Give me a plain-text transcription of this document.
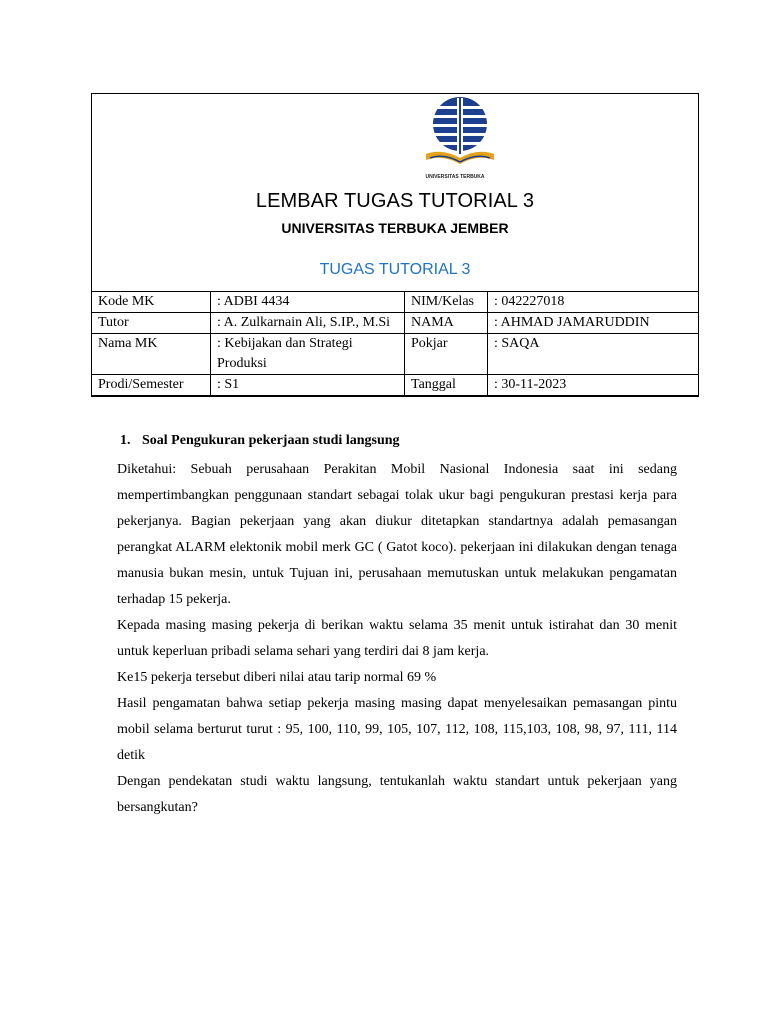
UNIVERSITAS TERBUKA
LEMBAR TUGAS TUTORIAL 3
UNIVERSITAS TERBUKA JEMBER
TUGAS TUTORIAL 3
Kode MK	: ADBI 4434	NIM/Kelas	: 042227018
Tutor	: A. Zulkarnain Ali, S.IP., M.Si	NAMA	: AHMAD JAMARUDDIN
Nama MK	: Kebijakan dan Strategi Produksi	Pokjar	: SAQA
Prodi/Semester	: S1	Tanggal	: 30-11-2023

1. Soal Pengukuran pekerjaan studi langsung

Diketahui: Sebuah perusahaan Perakitan Mobil Nasional Indonesia saat ini sedang mempertimbangkan penggunaan standart sebagai tolak ukur bagi pengukuran prestasi kerja para pekerjanya. Bagian pekerjaan yang akan diukur ditetapkan standartnya adalah pemasangan perangkat ALARM elektonik mobil merk GC ( Gatot koco). pekerjaan ini dilakukan dengan tenaga manusia bukan mesin, untuk Tujuan ini, perusahaan memutuskan untuk melakukan pengamatan terhadap 15 pekerja.

Kepada masing masing pekerja di berikan waktu selama 35 menit untuk istirahat dan 30 menit untuk keperluan pribadi selama sehari yang terdiri dai 8 jam kerja.

Ke15 pekerja tersebut diberi nilai atau tarip normal 69 %

Hasil pengamatan bahwa setiap pekerja masing masing dapat menyelesaikan pemasangan pintu mobil selama berturut turut : 95, 100, 110, 99, 105, 107, 112, 108, 115,103, 108, 98, 97, 111, 114 detik

Dengan pendekatan studi waktu langsung, tentukanlah waktu standart untuk pekerjaan yang bersangkutan?
